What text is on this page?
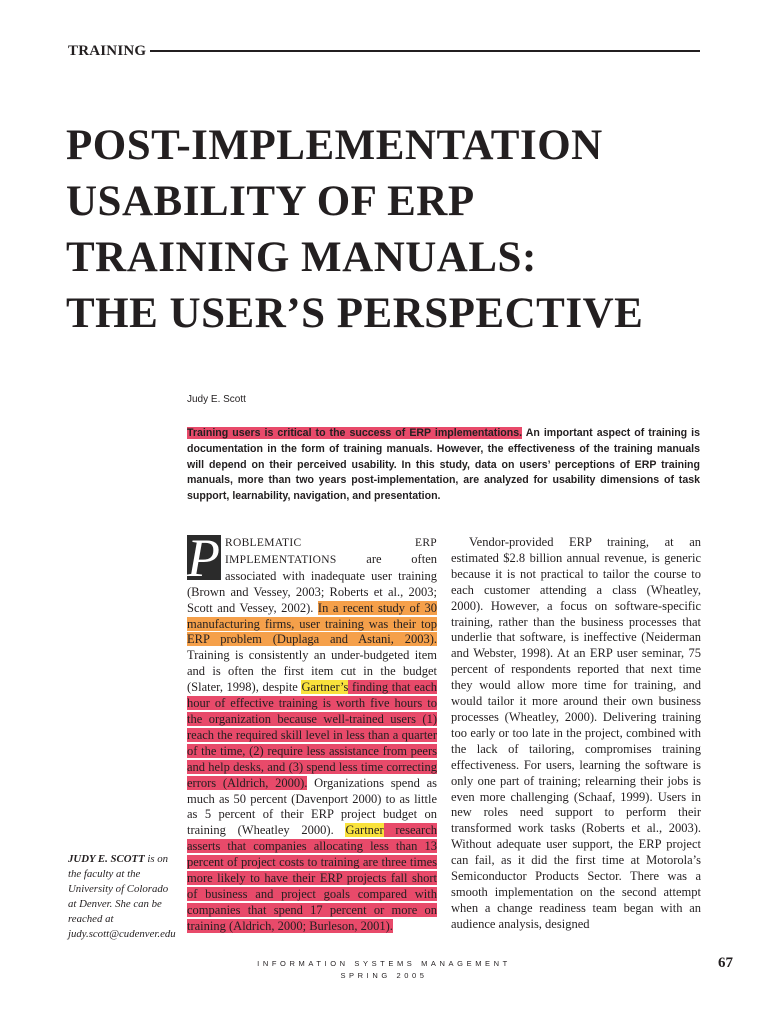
TRAINING
POST-IMPLEMENTATION
USABILITY OF ERP
TRAINING MANUALS:
THE USER’S PERSPECTIVE
Judy E. Scott

Training users is critical to the success of ERP implementations. An important aspect of training is documentation in the form of training manuals. However, the effectiveness of the training manuals will depend on their perceived usability. In this study, data on users’ perceptions of ERP training manuals, more than two years post-implementation, are analyzed for usability dimensions of task support, learnability, navigation, and presentation.

P ROBLEMATIC ERP IMPLEMENTATIONS are often associated with inadequate user training (Brown and Vessey, 2003; Roberts et al., 2003; Scott and Vessey, 2002). In a recent study of 30 manufacturing firms, user training was their top ERP problem (Duplaga and Astani, 2003). Training is consistently an under-budgeted item and is often the first item cut in the budget (Slater, 1998), despite Gartner’s finding that each hour of effective training is worth five hours to the organization because well-trained users (1) reach the required skill level in less than a quarter of the time, (2) require less assistance from peers and help desks, and (3) spend less time correcting errors (Aldrich, 2000). Organizations spend as much as 50 percent (Davenport 2000) to as little as 5 percent of their ERP project budget on training (Wheatley 2000). Gartner research asserts that companies allocating less than 13 percent of project costs to training are three times more likely to have their ERP projects fall short of business and project goals compared with companies that spend 17 percent or more on training (Aldrich, 2000; Burleson, 2001).

Vendor-provided ERP training, at an estimated $2.8 billion annual revenue, is generic because it is not practical to tailor the course to each customer attending a class (Wheatley, 2000). However, a focus on software-specific training, rather than the business processes that underlie that software, is ineffective (Neiderman and Webster, 1998). At an ERP user seminar, 75 percent of respondents reported that next time they would allow more time for training, and would tailor it more around their own business processes (Wheatley, 2000). Delivering training too early or too late in the project, combined with the lack of tailoring, compromises training effectiveness. For users, learning the software is only one part of training; relearning their jobs is even more challenging (Schaaf, 1999). Users in new roles need support to perform their transformed work tasks (Roberts et al., 2003). Without adequate user support, the ERP project can fail, as it did the first time at Motorola’s Semiconductor Products Sector. There was a smooth implementation on the second attempt when a change readiness team began with an audience analysis, designed

JUDY E. SCOTT is on the faculty at the University of Colorado at Denver. She can be reached at judy.scott@cudenver.edu

INFORMATION SYSTEMS MANAGEMENT
SPRING 2005
67
